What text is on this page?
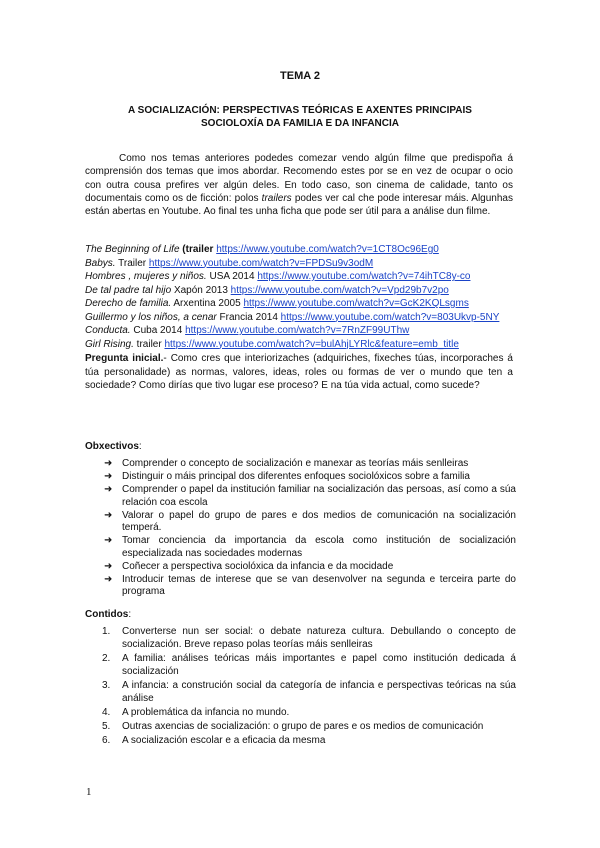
TEMA 2
A SOCIALIZACIÓN: PERSPECTIVAS TEÓRICAS E AXENTES PRINCIPAIS
SOCIOLOXÍA DA FAMILIA E DA INFANCIA

Como nos temas anteriores podedes comezar vendo algún filme que predispoña á comprensión dos temas que imos abordar. Recomendo estes por se en vez de ocupar o ocio con outra cousa prefires ver algún deles. En todo caso, son cinema de calidade, tanto os documentais como os de ficción: polos trailers podes ver cal che pode interesar máis. Algunhas están abertas en Youtube. Ao final tes unha ficha que pode ser útil para a análise dun filme.

The Beginning of Life (trailer https://www.youtube.com/watch?v=1CT8Oc96Eg0
Babys. Trailer https://www.youtube.com/watch?v=FPDSu9v3odM
Hombres , mujeres y niños. USA 2014 https://www.youtube.com/watch?v=74ihTC8y-co
De tal padre tal hijo Xapón 2013 https://www.youtube.com/watch?v=Vpd29b7v2po
Derecho de familia. Arxentina 2005 https://www.youtube.com/watch?v=GcK2KQLsgms
Guillermo y los niños, a cenar Francia 2014 https://www.youtube.com/watch?v=803Ukvp-5NY
Conducta. Cuba 2014 https://www.youtube.com/watch?v=7RnZF99UThw
Girl Rising. trailer https://www.youtube.com/watch?v=bulAhjLYRlc&feature=emb_title

Pregunta inicial.- Como cres que interiorizaches (adquiriches, fixeches túas, incorporaches á túa personalidade) as normas, valores, ideas, roles ou formas de ver o mundo que ten a sociedade? Como dirías que tivo lugar ese proceso? E na túa vida actual, como sucede?

Obxectivos:

➜ Comprender o concepto de socialización e manexar as teorías máis senlleiras
➜ Distinguir o máis principal dos diferentes enfoques sociolóxicos sobre a familia
➜ Comprender o papel da institución familiar na socialización das persoas, así como a súa relación coa escola
➜ Valorar o papel do grupo de pares e dos medios de comunicación na socialización temperá.
➜ Tomar conciencia da importancia da escola como institución de socialización especializada nas sociedades modernas
➜ Coñecer a perspectiva sociolóxica da infancia e da mocidade
➜ Introducir temas de interese que se van desenvolver na segunda e terceira parte do programa

Contidos:

1. Converterse nun ser social: o debate natureza cultura. Debullando o concepto de socialización. Breve repaso polas teorías máis senlleiras
2. A familia: análises teóricas máis importantes e papel como institución dedicada á socialización
3. A infancia: a construción social da categoría de infancia e perspectivas teóricas na súa análise
4. A problemática da infancia no mundo.
5. Outras axencias de socialización: o grupo de pares e os medios de comunicación
6. A socialización escolar e a eficacia da mesma
1
